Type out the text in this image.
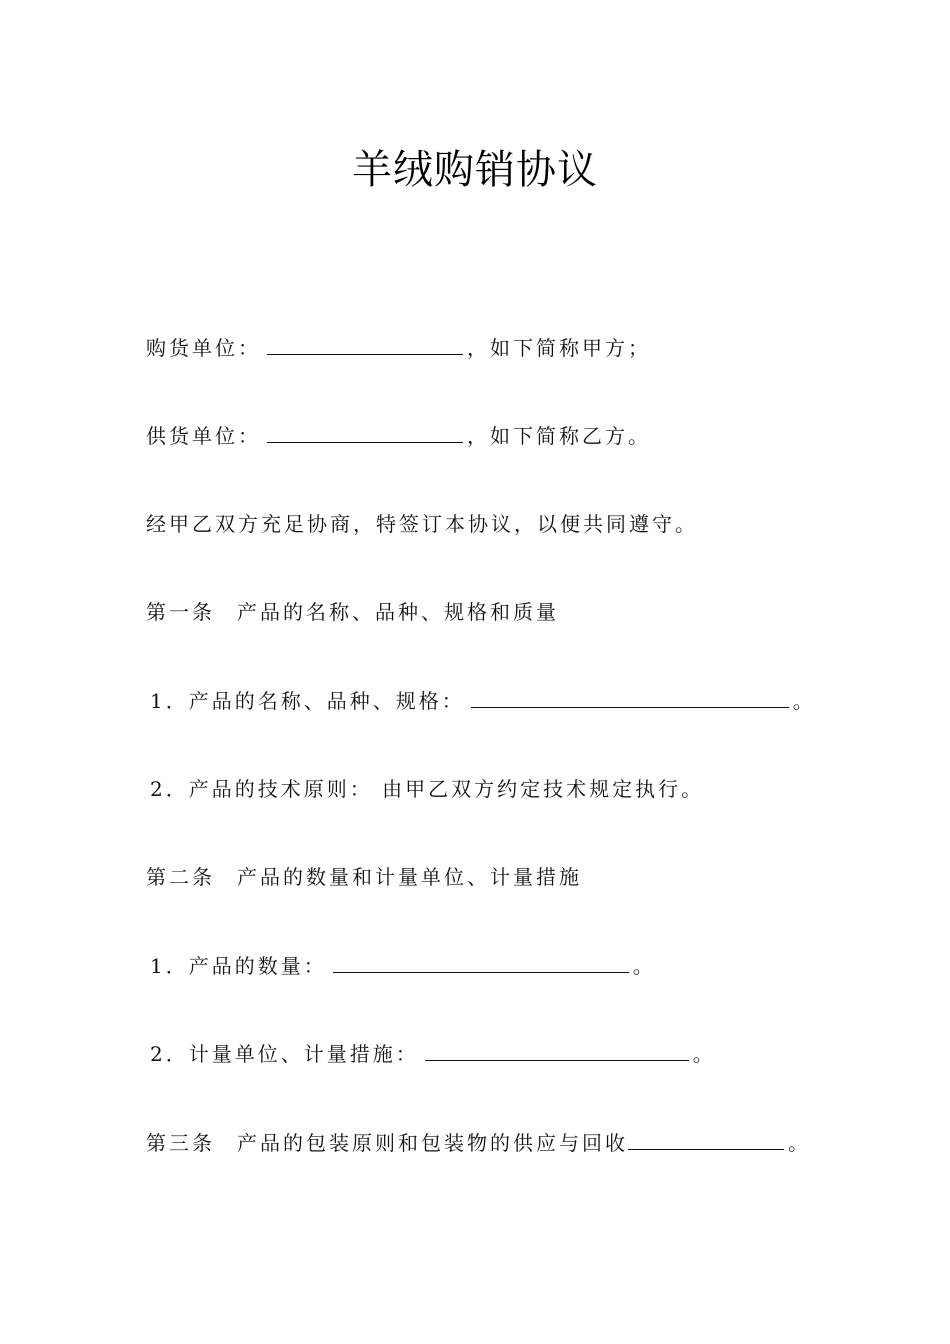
羊绒购销协议
购货单位：	，如下简称甲方；
供货单位：	，如下简称乙方。
经甲乙双方充足协商，特签订本协议，以便共同遵守。
第一条 产品的名称、品种、规格和质量
1．产品的名称、品种、规格：	。
2．产品的技术原则： 由甲乙双方约定技术规定执行。
第二条 产品的数量和计量单位、计量措施
1．产品的数量：	。
2．计量单位、计量措施：	。
第三条 产品的包装原则和包装物的供应与回收	。
